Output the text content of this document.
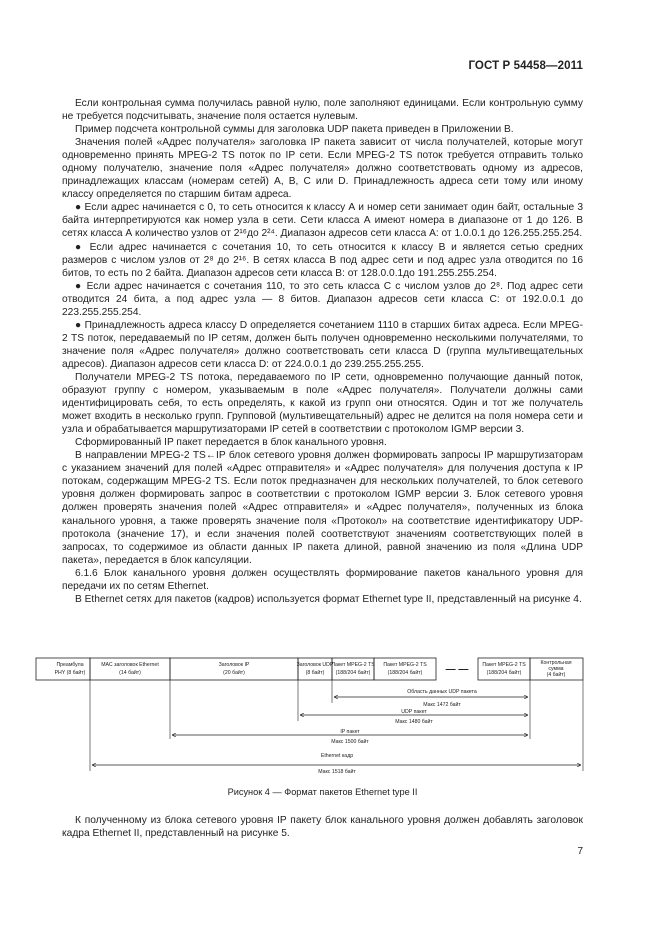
ГОСТ Р 54458—2011

Если контрольная сумма получилась равной нулю, поле заполняют единицами. Если контрольную сумму не требуется подсчитывать, значение поля остается нулевым.

Пример подсчета контрольной суммы для заголовка UDP пакета приведен в Приложении В.

Значения полей «Адрес получателя» заголовка IP пакета зависит от числа получателей, которые могут одновременно принять MPEG-2 TS поток по IP сети. Если MPEG-2 TS поток требуется отправить только одному получателю, значение поля «Адрес получателя» должно соответствовать одному из адресов, принадлежащих классам (номерам сетей) A, B, C или D. Принадлежность адреса сети тому или иному классу определяется по старшим битам адреса.

● Если адрес начинается с 0, то сеть относится к классу А и номер сети занимает один байт, остальные 3 байта интерпретируются как номер узла в сети. Сети класса А имеют номера в диапазоне от 1 до 126. В сетях класса А количество узлов от 2¹⁶до 2²⁴. Диапазон адресов сети класса А: от 1.0.0.1 до 126.255.255.254.

● Если адрес начинается с сочетания 10, то сеть относится к классу В и является сетью средних размеров с числом узлов от 2⁸ до 2¹⁶. В сетях класса В под адрес сети и под адрес узла отводится по 16 битов, то есть по 2 байта. Диапазон адресов сети класса В: от 128.0.0.1до 191.255.255.254.

● Если адрес начинается с сочетания 110, то это сеть класса С с числом узлов до 2⁸. Под адрес сети отводится 24 бита, а под адрес узла — 8 битов. Диапазон адресов сети класса С: от 192.0.0.1 до 223.255.255.254.

● Принадлежность адреса классу D определяется сочетанием 1110 в старших битах адреса. Если MPEG-2 TS поток, передаваемый по IP сетям, должен быть получен одновременно несколькими получателями, то значение поля «Адрес получателя» должно соответствовать сети класса D (группа мультивещательных адресов). Диапазон адресов сети класса D: от 224.0.0.1 до 239.255.255.255.

Получатели MPEG-2 TS потока, передаваемого по IP сети, одновременно получающие данный поток, образуют группу с номером, указываемым в поле «Адрес получателя». Получатели должны сами идентифицировать себя, то есть определять, к какой из групп они относятся. Один и тот же получатель может входить в несколько групп. Групповой (мультивещательный) адрес не делится на поля номера сети и узла и обрабатывается маршрутизаторами IP сетей в соответствии с протоколом IGMP версии 3.

Сформированный IP пакет передается в блок канального уровня.

В направлении MPEG-2 TS←IP блок сетевого уровня должен формировать запросы IP маршрутизаторам с указанием значений для полей «Адрес отправителя» и «Адрес получателя» для получения доступа к IP потокам, содержащим MPEG-2 TS. Если поток предназначен для нескольких получателей, то блок сетевого уровня должен формировать запрос в соответствии с протоколом IGMP версии 3. Блок сетевого уровня должен проверять значения полей «Адрес отправителя» и «Адрес получателя», полученных из блока канального уровня, а также проверять значение поля «Протокол» на соответствие идентификатору UDP-протокола (значение 17), и если значения полей соответствуют значениям соответствующих полей в запросах, то содержимое из области данных IP пакета длиной, равной значению из поля «Длина UDP пакета», передается в блок капсуляции.

6.1.6 Блок канального уровня должен осуществлять формирование пакетов канального уровня для передачи их по сетям Ethernet.

В Ethernet сетях для пакетов (кадров) используется формат Ethernet type II, представленный на рисунке 4.

Преамбула
PHY (8 байт)
МАС заголовок Ethernet
(14 байт)
Заголовок IP
(20 байт)
Заголовок UDP
(8 байт)
Пакет MPEG-2 TS
(188/204 байт)
Пакет MPEG-2 TS
(188/204 байт) — —	Пакет MPEG-2 TS
(188/204 байт)
Контрольная
сумма
(4 байт)
Область данных UDP пакета
Макс 1472 байт
UDP пакет
Макс 1480 байт
IP пакет
Макс 1500 байт
Ethernet кадр
Макс 1518 байт
Рисунок 4 — Формат пакетов Ethernet type II

К полученному из блока сетевого уровня IP пакету блок канального уровня должен добавлять заголовок кадра Ethernet II, представленный на рисунке 5.

7
